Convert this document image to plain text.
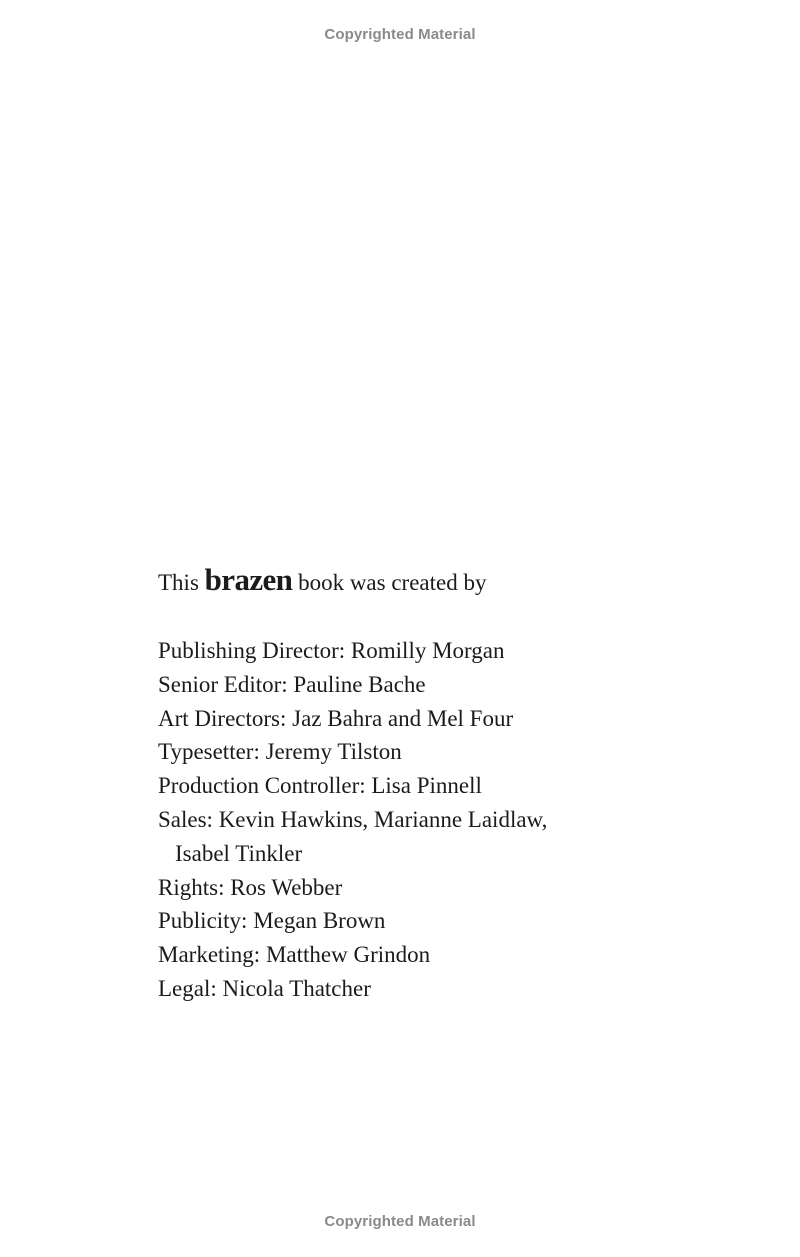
Copyrighted Material
This brazen book was created by
Publishing Director: Romilly Morgan
Senior Editor: Pauline Bache
Art Directors: Jaz Bahra and Mel Four
Typesetter: Jeremy Tilston
Production Controller: Lisa Pinnell
Sales: Kevin Hawkins, Marianne Laidlaw,
Isabel Tinkler
Rights: Ros Webber
Publicity: Megan Brown
Marketing: Matthew Grindon
Legal: Nicola Thatcher
Copyrighted Material
